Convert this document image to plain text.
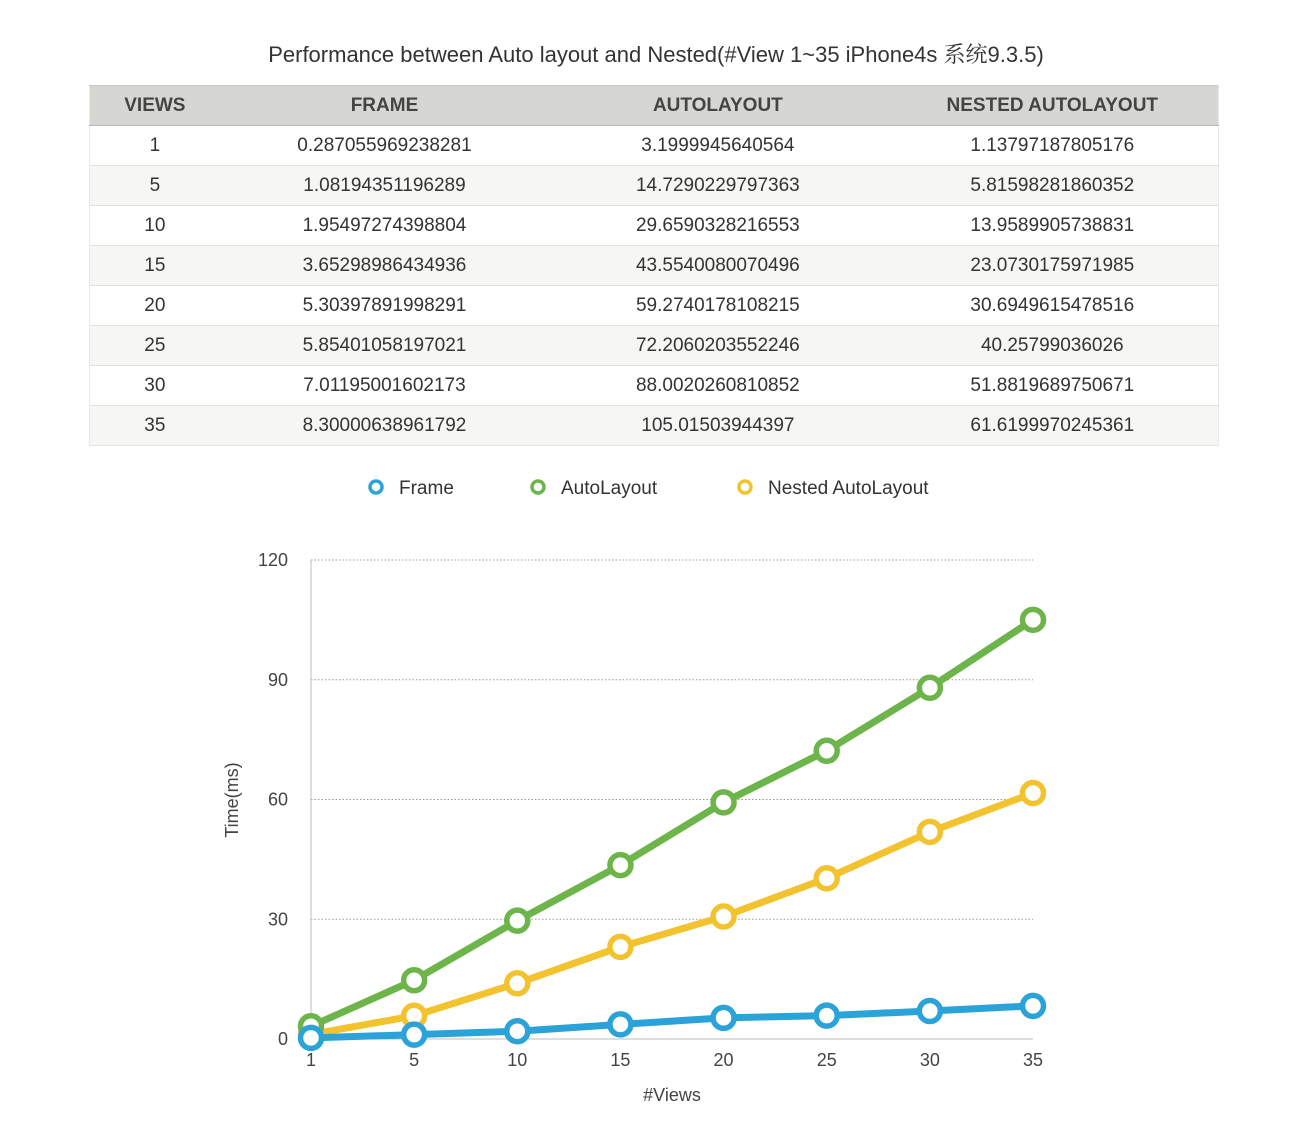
Performance between Auto layout and Nested(#View 1~35 iPhone4s 系统9.3.5)
VIEWS	FRAME	AUTOLAYOUT	NESTED AUTOLAYOUT
1	0.287055969238281	3.1999945640564	1.13797187805176
5	1.08194351196289	14.7290229797363	5.81598281860352
10	1.95497274398804	29.6590328216553	13.9589905738831
15	3.65298986434936	43.5540080070496	23.0730175971985
20	5.30397891998291	59.2740178108215	30.6949615478516
25	5.85401058197021	72.2060203552246	40.25799036026
30	7.01195001602173	88.0020260810852	51.8819689750671
35	8.30000638961792	105.01503944397	61.6199970245361
0
30
60
90
120
1	5	10	15	20	25	30	35
#Views
Time(ms)
Frame	AutoLayout	Nested AutoLayout
